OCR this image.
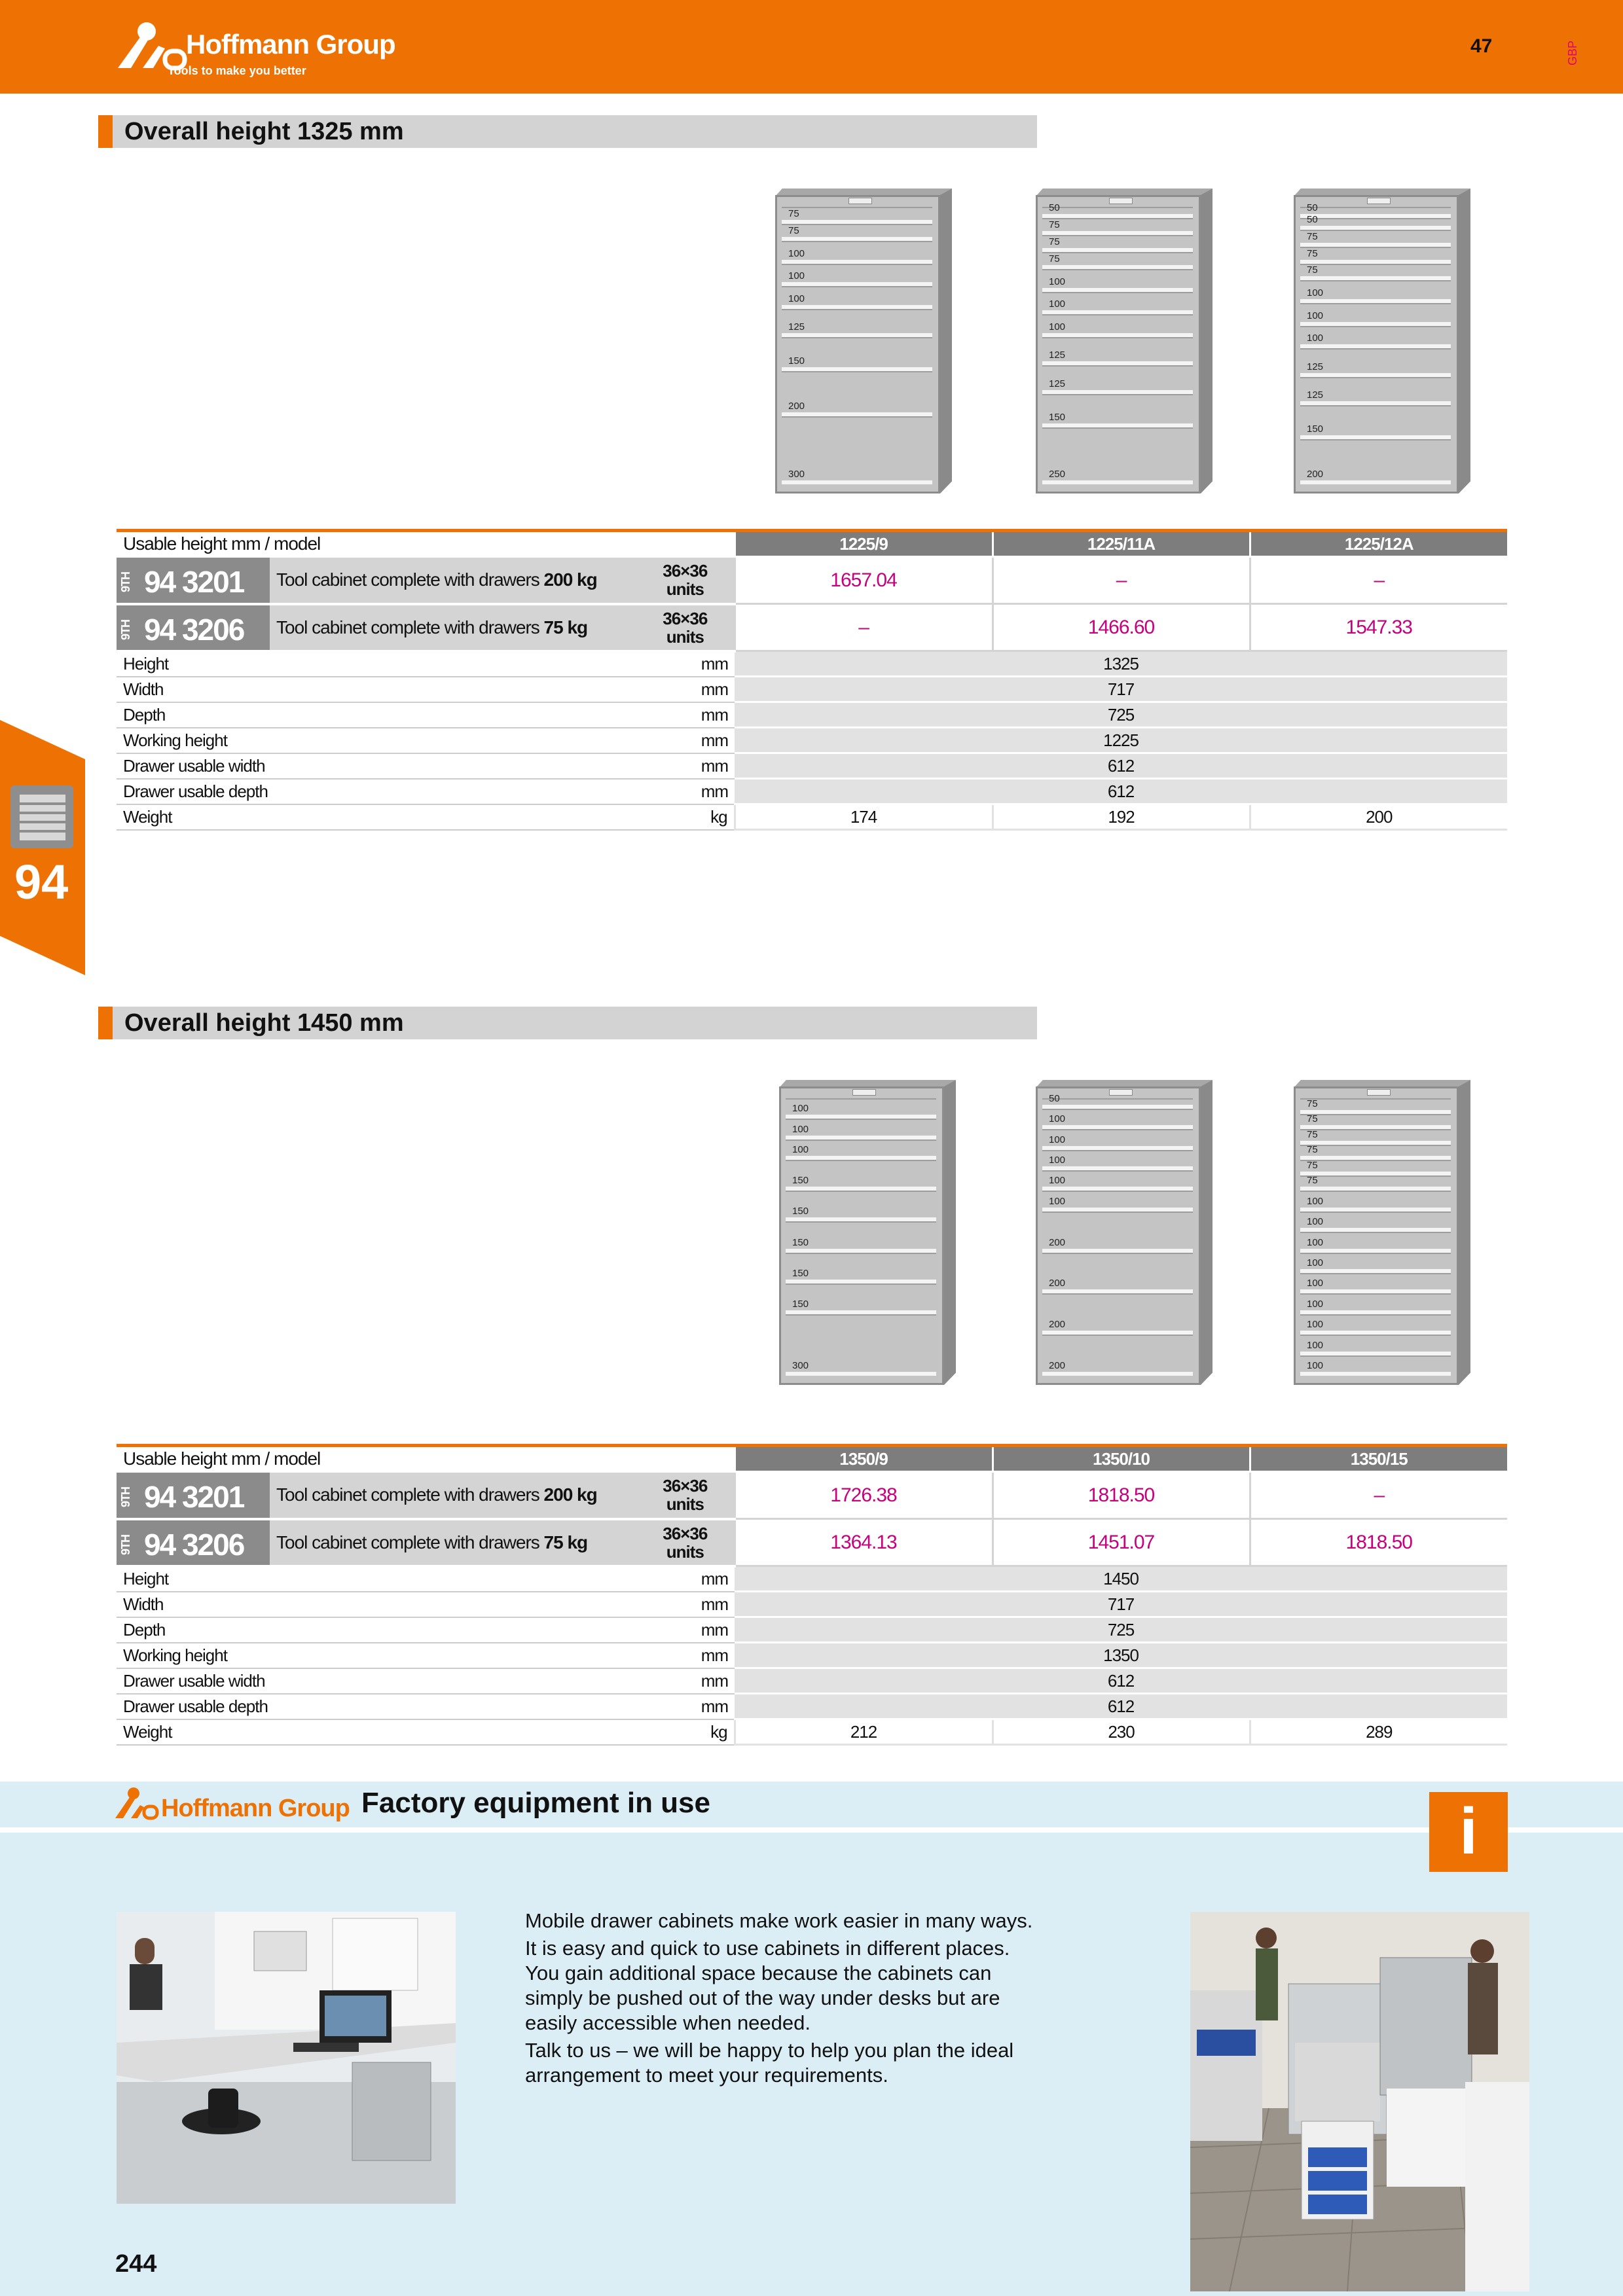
Hoffmann Group
Tools to make you better
47	GBP
94
Overall height 1325 mm
75
75
100
100
100
125
150
200
300
50
75
75
75
100
100
100
125
125
150
250
50
50
75
75
75
100
100
100
125
125
150
200
Usable height mm / model			1225/9	1225/11A	1225/12A

9TH 94 3201	Tool cabinet complete with drawers 200 kg	36×36 units	1657.04	–	–

9TH 94 3206	Tool cabinet complete with drawers 75 kg	36×36 units	–	1466.60	1547.33
Height		mm	1325		
Width		mm	717		
Depth		mm	725		
Working height		mm	1225		
Drawer usable width		mm	612		
Drawer usable depth		mm	612		
Weight		kg	174	192	200
Overall height 1450 mm
100
100
100
150
150
150
150
150
300
50
100
100
100
100
100
200
200
200
200
75
75
75
75
75
75
100
100
100
100
100
100
100
100
100
Usable height mm / model			1350/9	1350/10	1350/15

9TH 94 3201	Tool cabinet complete with drawers 200 kg	36×36 units	1726.38	1818.50	–

9TH 94 3206	Tool cabinet complete with drawers 75 kg	36×36 units	1364.13	1451.07	1818.50
Height		mm	1450		
Width		mm	717		
Depth		mm	725		
Working height		mm	1350		
Drawer usable width		mm	612		
Drawer usable depth		mm	612		
Weight		kg	212	230	289
Hoffmann Group Factory equipment in use	i

Mobile drawer cabinets make work easier in many ways.

It is easy and quick to use cabinets in different places. You gain additional space because the cabinets can simply be pushed out of the way under desks but are easily accessible when needed.

Talk to us – we will be happy to help you plan the ideal arrangement to meet your requirements.

244
